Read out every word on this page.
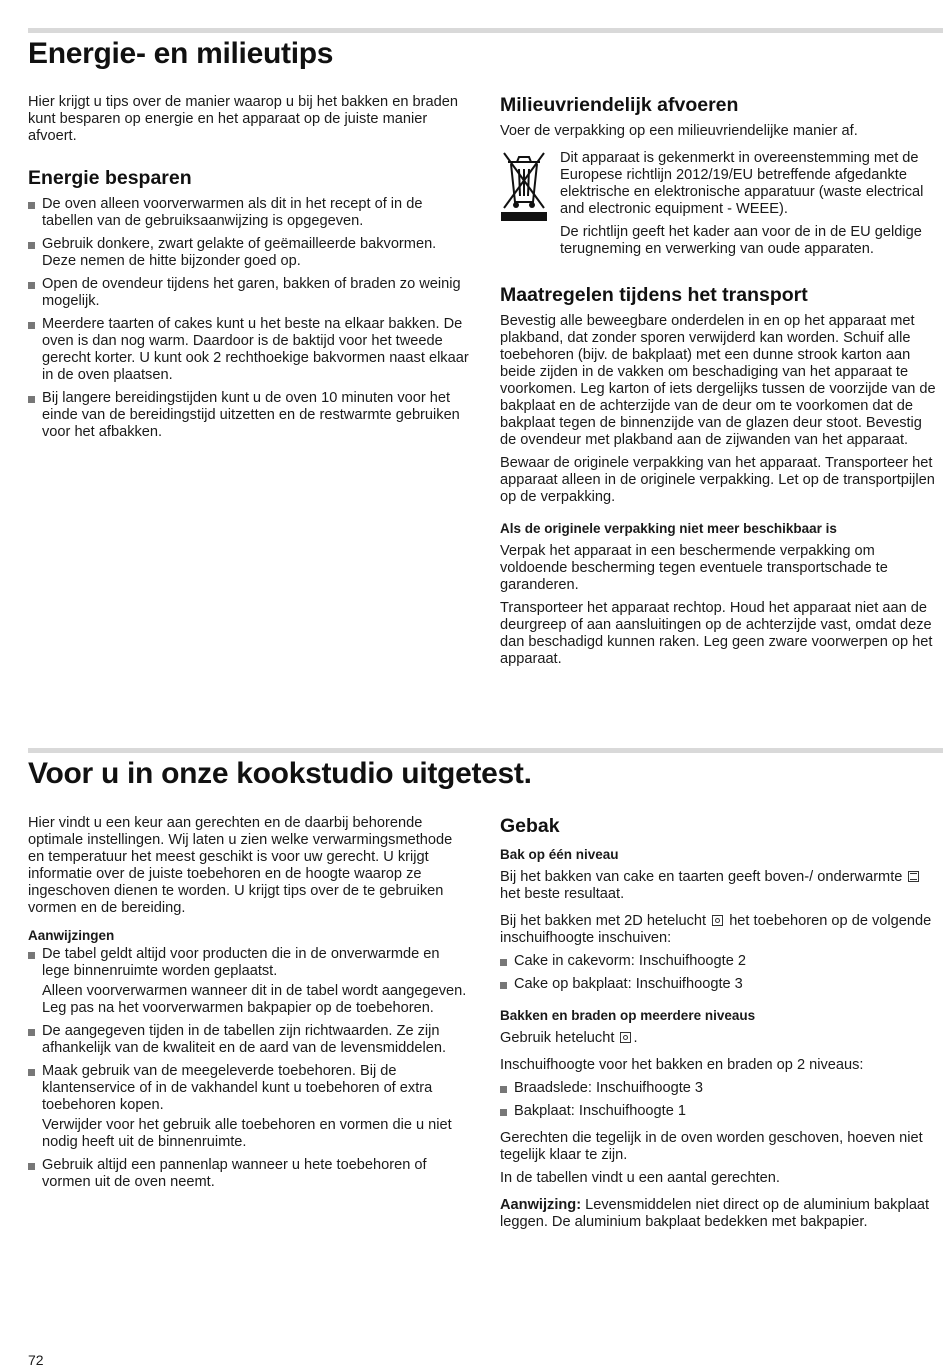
Energie- en milieutips

Hier krijgt u tips over de manier waarop u bij het bakken en braden kunt besparen op energie en het apparaat op de juiste manier afvoert.

Energie besparen
De oven alleen voorverwarmen als dit in het recept of in de tabellen van de gebruiksaanwijzing is opgegeven.
Gebruik donkere, zwart gelakte of geëmailleerde bakvormen. Deze nemen de hitte bijzonder goed op.
Open de ovendeur tijdens het garen, bakken of braden zo weinig mogelijk.
Meerdere taarten of cakes kunt u het beste na elkaar bakken. De oven is dan nog warm. Daardoor is de baktijd voor het tweede gerecht korter. U kunt ook 2 rechthoekige bakvormen naast elkaar in de oven plaatsen.
Bij langere bereidingstijden kunt u de oven 10 minuten voor het einde van de bereidingstijd uitzetten en de restwarmte gebruiken voor het afbakken.
Milieuvriendelijk afvoeren

Voer de verpakking op een milieuvriendelijke manier af.

Dit apparaat is gekenmerkt in overeenstemming met de Europese richtlijn 2012/19/EU betreffende afgedankte elektrische en elektronische apparatuur (waste electrical and electronic equipment - WEEE).

De richtlijn geeft het kader aan voor de in de EU geldige terugneming en verwerking van oude apparaten.

Maatregelen tijdens het transport

Bevestig alle beweegbare onderdelen in en op het apparaat met plakband, dat zonder sporen verwijderd kan worden. Schuif alle toebehoren (bijv. de bakplaat) met een dunne strook karton aan beide zijden in de vakken om beschadiging van het apparaat te voorkomen. Leg karton of iets dergelijks tussen de voorzijde van de bakplaat en de achterzijde van de deur om te voorkomen dat de bakplaat tegen de binnenzijde van de glazen deur stoot. Bevestig de ovendeur met plakband aan de zijwanden van het apparaat.

Bewaar de originele verpakking van het apparaat. Transporteer het apparaat alleen in de originele verpakking. Let op de transportpijlen op de verpakking.

Als de originele verpakking niet meer beschikbaar is

Verpak het apparaat in een beschermende verpakking om voldoende bescherming tegen eventuele transportschade te garanderen.

Transporteer het apparaat rechtop. Houd het apparaat niet aan de deurgreep of aan aansluitingen op de achterzijde vast, omdat deze dan beschadigd kunnen raken. Leg geen zware voorwerpen op het apparaat.

Voor u in onze kookstudio uitgetest.

Hier vindt u een keur aan gerechten en de daarbij behorende optimale instellingen. Wij laten u zien welke verwarmingsmethode en temperatuur het meest geschikt is voor uw gerecht. U krijgt informatie over de juiste toebehoren en de hoogte waarop ze ingeschoven dienen te worden. U krijgt tips over de te gebruiken vormen en de bereiding.

Aanwijzingen
De tabel geldt altijd voor producten die in de onverwarmde en lege binnenruimte worden geplaatst.
Alleen voorverwarmen wanneer dit in de tabel wordt aangegeven. Leg pas na het voorverwarmen bakpapier op de toebehoren.
De aangegeven tijden in de tabellen zijn richtwaarden. Ze zijn afhankelijk van de kwaliteit en de aard van de levensmiddelen.
Maak gebruik van de meegeleverde toebehoren. Bij de klantenservice of in de vakhandel kunt u toebehoren of extra toebehoren kopen.
Verwijder voor het gebruik alle toebehoren en vormen die u niet nodig heeft uit de binnenruimte.
Gebruik altijd een pannenlap wanneer u hete toebehoren of vormen uit de oven neemt.
Gebak
Bak op één niveau

Bij het bakken van cake en taarten geeft boven-/ onderwarmte  het beste resultaat.

Bij het bakken met 2D hetelucht het toebehoren op de volgende inschuifhoogte inschuiven:

Cake in cakevorm: Inschuifhoogte 2
Cake op bakplaat: Inschuifhoogte 3
Bakken en braden op meerdere niveaus

Gebruik hetelucht .

Inschuifhoogte voor het bakken en braden op 2 niveaus:

Braadslede: Inschuifhoogte 3
Bakplaat: Inschuifhoogte 1

Gerechten die tegelijk in de oven worden geschoven, hoeven niet tegelijk klaar te zijn.

In de tabellen vindt u een aantal gerechten.

Aanwijzing: Levensmiddelen niet direct op de aluminium bakplaat leggen. De aluminium bakplaat bedekken met bakpapier.

72
